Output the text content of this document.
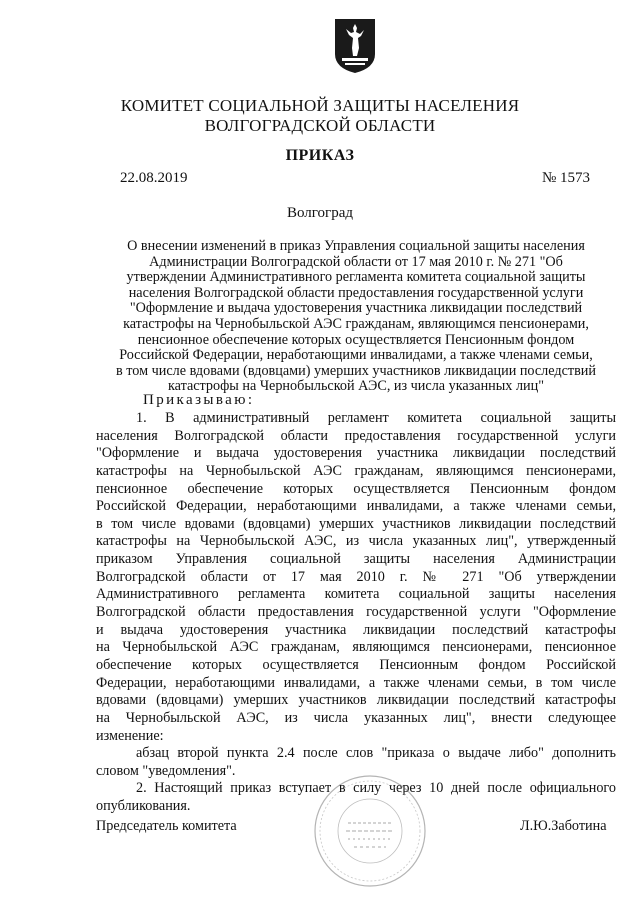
КОМИТЕТ СОЦИАЛЬНОЙ ЗАЩИТЫ НАСЕЛЕНИЯ
ВОЛГОГРАДСКОЙ ОБЛАСТИ
ПРИКАЗ
22.08.2019	№ 1573
Волгоград
О внесении изменений в приказ Управления социальной защиты населения
Администрации Волгоградской области от 17 мая 2010 г. № 271 "Об
утверждении Административного регламента комитета социальной защиты
населения Волгоградской области предоставления государственной услуги
"Оформление и выдача удостоверения участника ликвидации последствий
катастрофы на Чернобыльской АЭС гражданам, являющимся пенсионерами,
пенсионное обеспечение которых осуществляется Пенсионным фондом
Российской Федерации, неработающими инвалидами, а также членами семьи,
в том числе вдовами (вдовцами) умерших участников ликвидации последствий
катастрофы на Чернобыльской АЭС, из числа указанных лиц"
Приказываю:
1. В административный регламент комитета социальной защиты
населения Волгоградской области предоставления государственной услуги
"Оформление и выдача удостоверения участника ликвидации последствий
катастрофы на Чернобыльской АЭС гражданам, являющимся пенсионерами,
пенсионное обеспечение которых осуществляется Пенсионным фондом
Российской Федерации, неработающими инвалидами, а также членами семьи,
в том числе вдовами (вдовцами) умерших участников ликвидации последствий
катастрофы на Чернобыльской АЭС, из числа указанных лиц", утвержденный
приказом Управления социальной защиты населения Администрации
Волгоградской области от 17 мая 2010 г. № 271 "Об утверждении
Административного регламента комитета социальной защиты населения
Волгоградской области предоставления государственной услуги "Оформление
и выдача удостоверения участника ликвидации последствий катастрофы
на Чернобыльской АЭС гражданам, являющимся пенсионерами, пенсионное
обеспечение которых осуществляется Пенсионным фондом Российской
Федерации, неработающими инвалидами, а также членами семьи, в том числе
вдовами (вдовцами) умерших участников ликвидации последствий катастрофы
на Чернобыльской АЭС, из числа указанных лиц", внести следующее
изменение:
абзац второй пункта 2.4 после слов "приказа о выдаче либо" дополнить
словом "уведомления".
2. Настоящий приказ вступает в силу через 10 дней после официального
опубликования.
Председатель комитета	Л.Ю.Заботина
